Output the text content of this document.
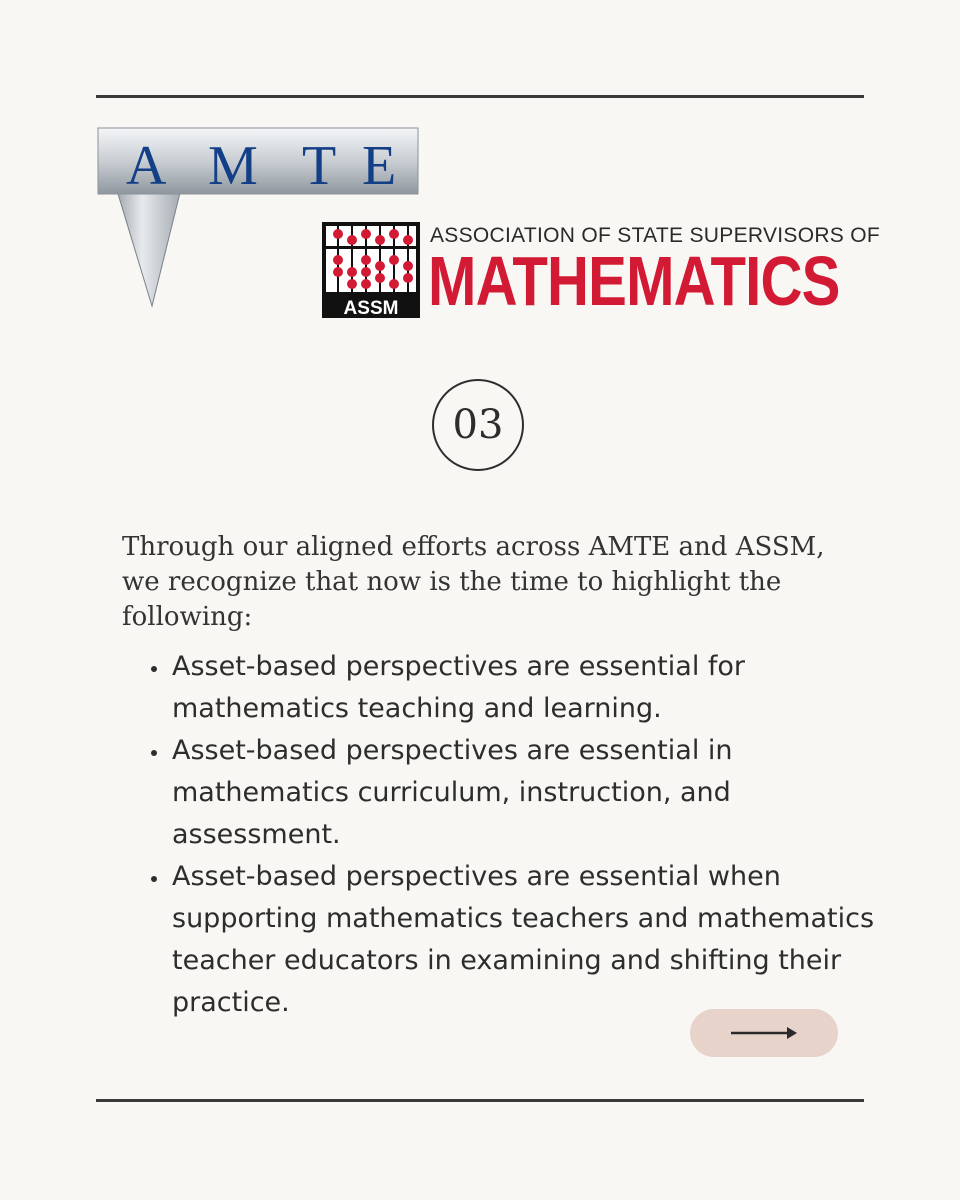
A M T E
ASSM
ASSOCIATION OF STATE SUPERVISORS OF
MATHEMATICS
03

Through our aligned efforts across AMTE and ASSM, we recognize that now is the time to highlight the following:

• Asset-based perspectives are essential for mathematics teaching and learning.
• Asset-based perspectives are essential in mathematics curriculum, instruction, and assessment.
• Asset-based perspectives are essential when supporting mathematics teachers and mathematics teacher educators in examining and shifting their practice.
